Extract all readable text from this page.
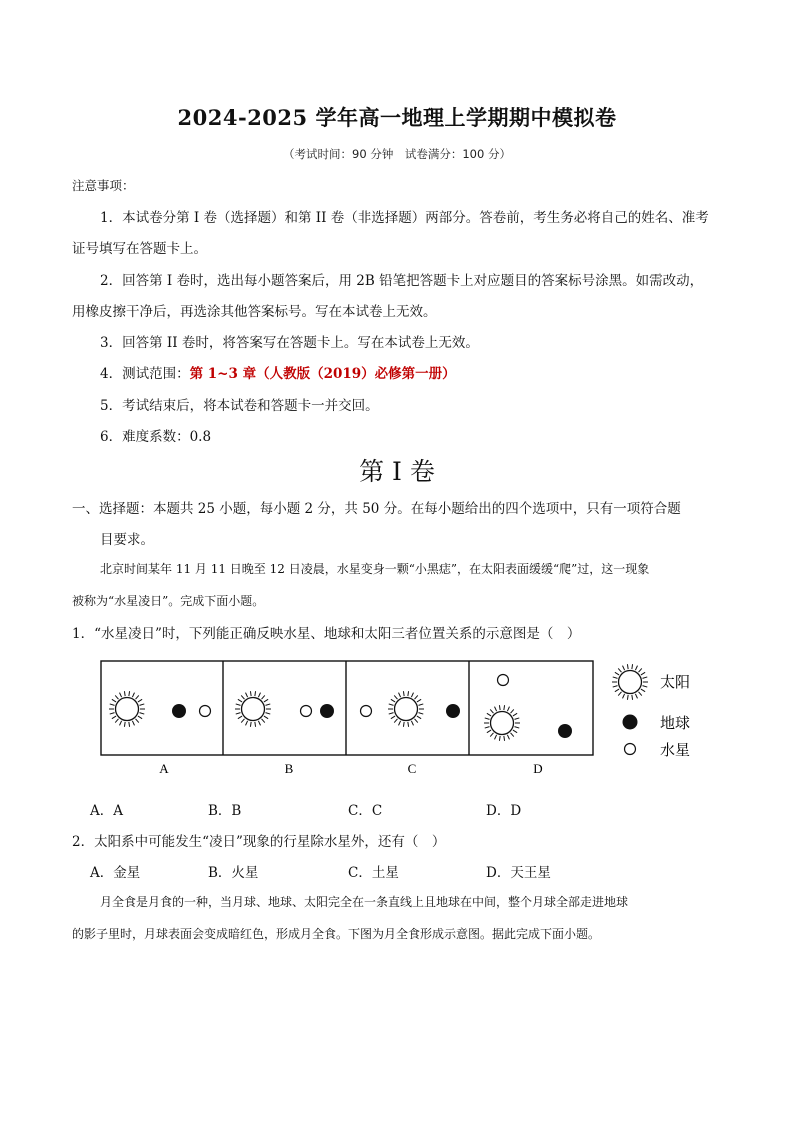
2024-2025 学年高一地理上学期期中模拟卷
（考试时间：90 分钟　试卷满分：100 分）
注意事项：
1．本试卷分第 I 卷（选择题）和第 II 卷（非选择题）两部分。答卷前，考生务必将自己的姓名、准考
证号填写在答题卡上。
2．回答第 I 卷时，选出每小题答案后，用 2B 铅笔把答题卡上对应题目的答案标号涂黑。如需改动，
用橡皮擦干净后，再选涂其他答案标号。写在本试卷上无效。
3．回答第 II 卷时，将答案写在答题卡上。写在本试卷上无效。
4．测试范围：第 1~3 章（人教版（2019）必修第一册）
5．考试结束后，将本试卷和答题卡一并交回。
6．难度系数：0.8
第 I 卷
一、选择题：本题共 25 小题，每小题 2 分，共 50 分。在每小题给出的四个选项中，只有一项符合题
目要求。
北京时间某年 11 月 11 日晚至 12 日凌晨，水星变身一颗“小黑痣”，在太阳表面缓缓“爬”过，这一现象
被称为“水星凌日”。完成下面小题。
1．“水星凌日”时，下列能正确反映水星、地球和太阳三者位置关系的示意图是（　）
A	B	C	D
太阳
地球
水星
A．A	B．B	C．C	D．D
2．太阳系中可能发生“凌日”现象的行星除水星外，还有（　）
A．金星	B．火星	C．土星	D．天王星
月全食是月食的一种，当月球、地球、太阳完全在一条直线上且地球在中间，整个月球全部走进地球
的影子里时，月球表面会变成暗红色，形成月全食。下图为月全食形成示意图。据此完成下面小题。
